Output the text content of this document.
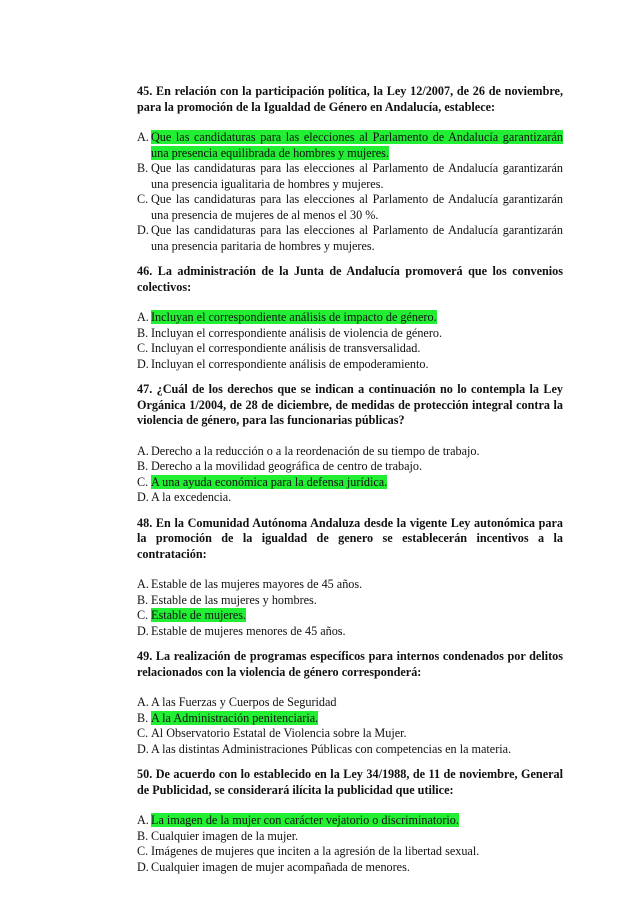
45. En relación con la participación política, la Ley 12/2007, de 26 de noviembre, para la promoción de la Igualdad de Género en Andalucía, establece:
A. Que las candidaturas para las elecciones al Parlamento de Andalucía garantizarán una presencia equilibrada de hombres y mujeres.
B. Que las candidaturas para las elecciones al Parlamento de Andalucía garantizarán una presencia igualitaria de hombres y mujeres.
C. Que las candidaturas para las elecciones al Parlamento de Andalucía garantizarán una presencia de mujeres de al menos el 30 %.
D. Que las candidaturas para las elecciones al Parlamento de Andalucía garantizarán una presencia paritaria de hombres y mujeres.
46. La administración de la Junta de Andalucía promoverá que los convenios colectivos:
A. Incluyan el correspondiente análisis de impacto de género.
B. Incluyan el correspondiente análisis de violencia de género.
C. Incluyan el correspondiente análisis de transversalidad.
D. Incluyan el correspondiente análisis de empoderamiento.
47. ¿Cuál de los derechos que se indican a continuación no lo contempla la Ley Orgánica 1/2004, de 28 de diciembre, de medidas de protección integral contra la violencia de género, para las funcionarias públicas?
A. Derecho a la reducción o a la reordenación de su tiempo de trabajo.
B. Derecho a la movilidad geográfica de centro de trabajo.
C. A una ayuda económica para la defensa jurídica.
D. A la excedencia.
48. En la Comunidad Autónoma Andaluza desde la vigente Ley autonómica para la promoción de la igualdad de genero se establecerán incentivos a la contratación:
A. Estable de las mujeres mayores de 45 años.
B. Estable de las mujeres y hombres.
C. Estable de mujeres.
D. Estable de mujeres menores de 45 años.
49. La realización de programas específicos para internos condenados por delitos relacionados con la violencia de género corresponderá:
A. A las Fuerzas y Cuerpos de Seguridad
B. A la Administración penitenciaria.
C. Al Observatorio Estatal de Violencia sobre la Mujer.
D. A las distintas Administraciones Públicas con competencias en la materia.
50. De acuerdo con lo establecido en la Ley 34/1988, de 11 de noviembre, General de Publicidad, se considerará ilícita la publicidad que utilice:
A. La imagen de la mujer con carácter vejatorio o discriminatorio.
B. Cualquier imagen de la mujer.
C. Imágenes de mujeres que inciten a la agresión de la libertad sexual.
D. Cualquier imagen de mujer acompañada de menores.
